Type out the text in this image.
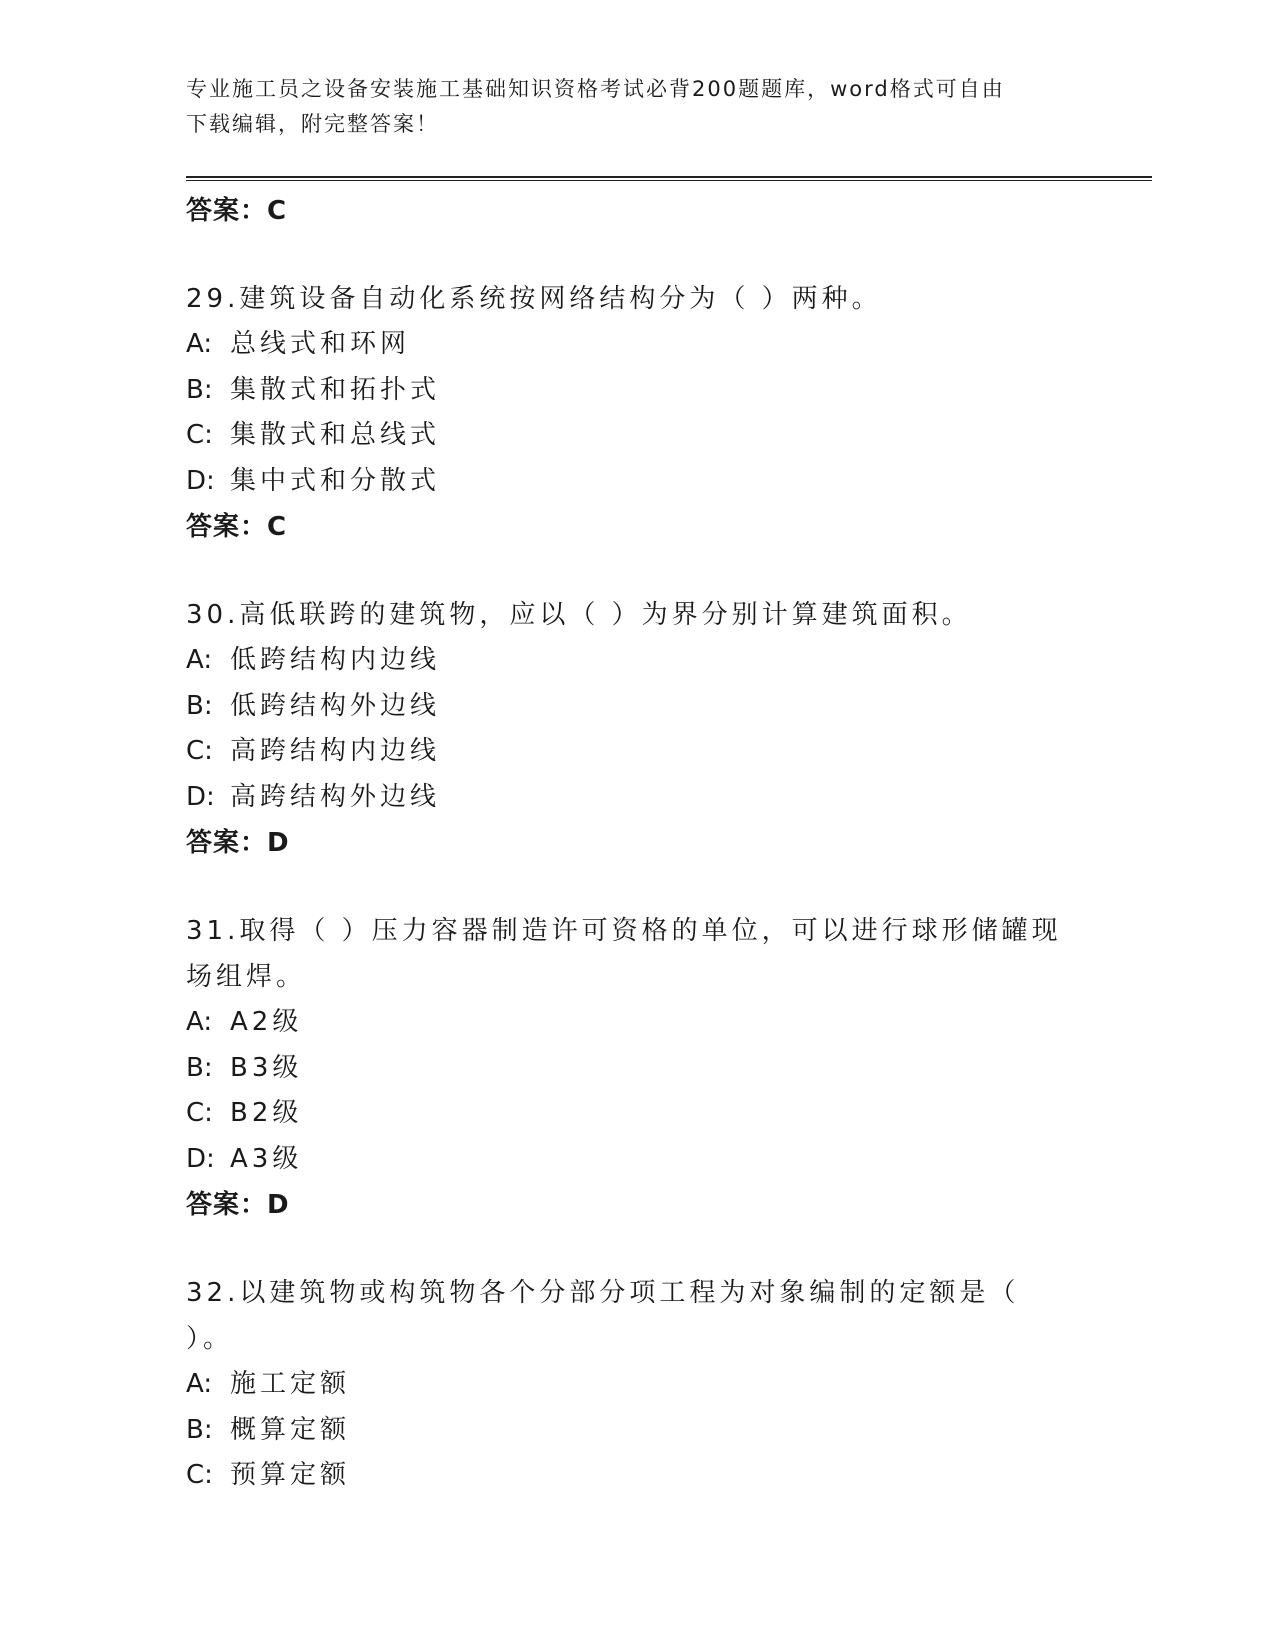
专业施工员之设备安装施工基础知识资格考试必背200题题库，word格式可自由
下载编辑，附完整答案！

答案：C

29.建筑设备自动化系统按网络结构分为（ ）两种。

A: 总线式和环网

B: 集散式和拓扑式

C: 集散式和总线式

D: 集中式和分散式

答案：C

30.高低联跨的建筑物，应以（ ）为界分别计算建筑面积。

A: 低跨结构内边线

B: 低跨结构外边线

C: 高跨结构内边线

D: 高跨结构外边线

答案：D

31.取得（ ）压力容器制造许可资格的单位，可以进行球形储罐现场组焊。

A: A2级

B: B3级

C: B2级

D: A3级

答案：D

32.以建筑物或构筑物各个分部分项工程为对象编制的定额是（ ）。

A: 施工定额

B: 概算定额

C: 预算定额
